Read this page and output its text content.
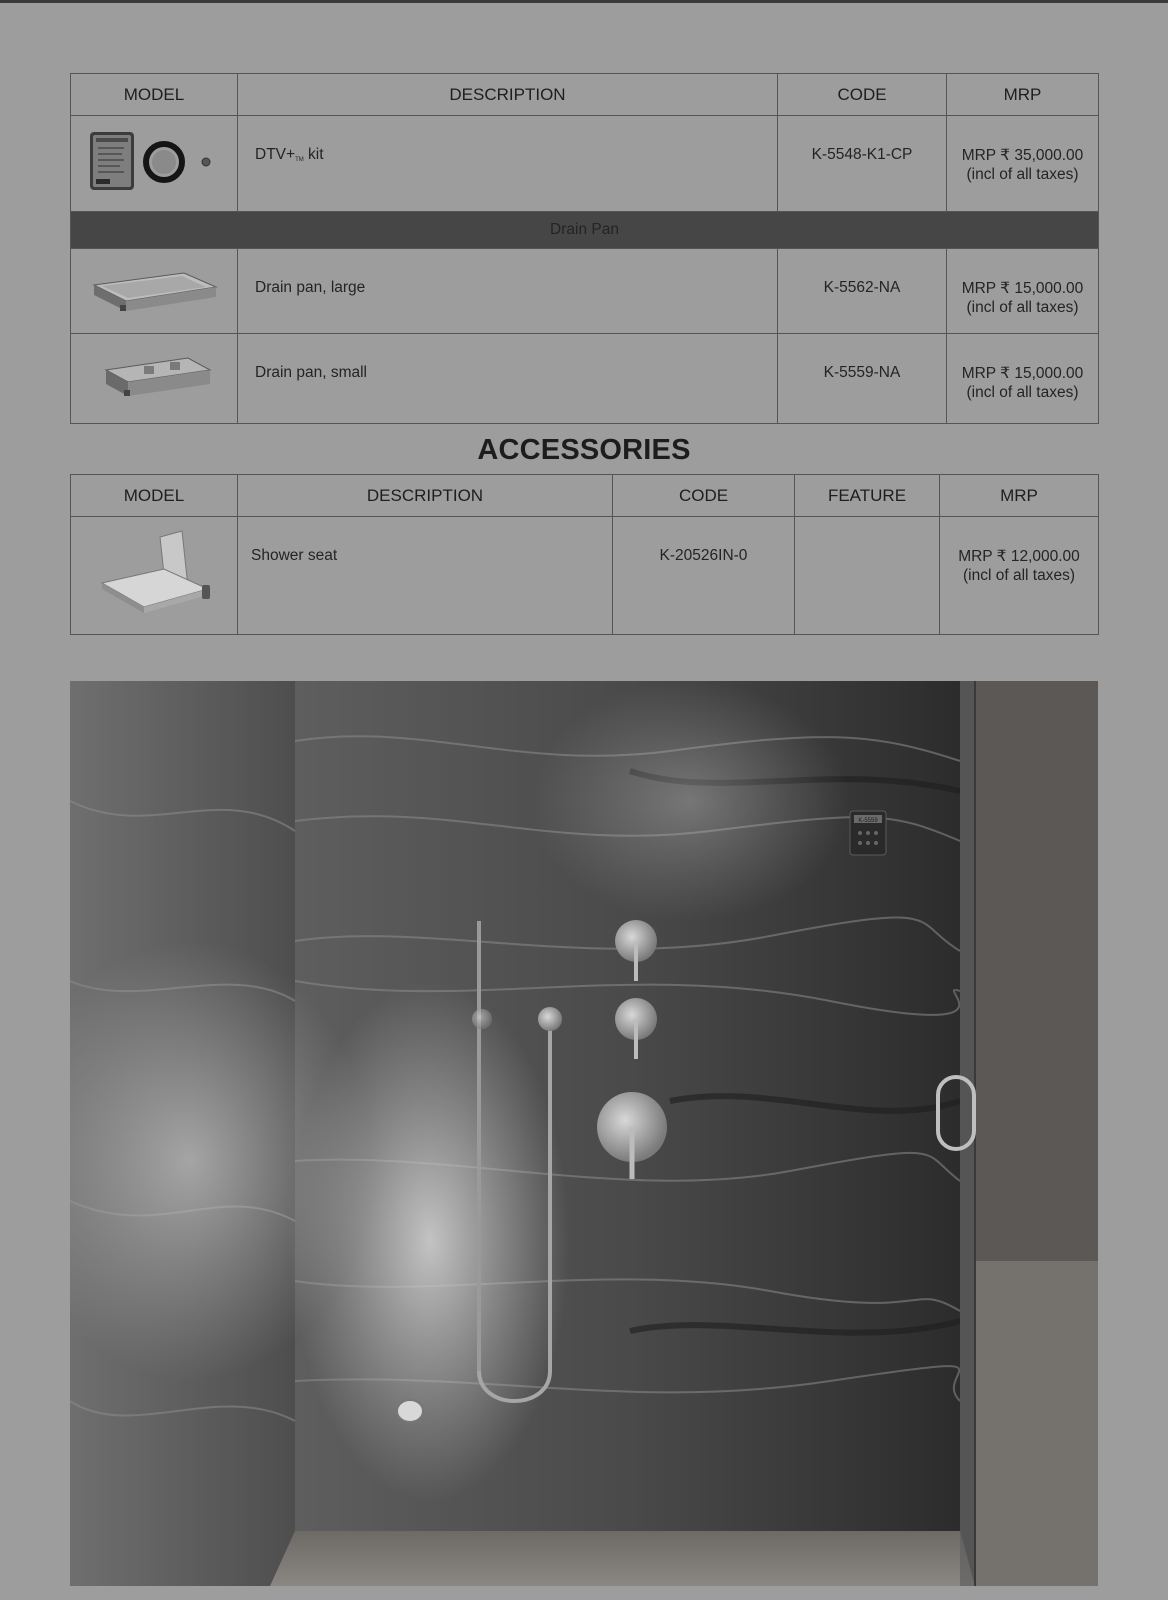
MODEL	DESCRIPTION	CODE	MRP
	$DTV+_{TM}$ kit	K-5548-K1-CP	MRP ₹ 35,000.00
(incl of all taxes)

Drain Pan			
	Drain pan, large	K-5562-NA	MRP ₹ 15,000.00
(incl of all taxes)

	Drain pan, small	K-5559-NA	MRP ₹ 15,000.00
(incl of all taxes)
ACCESSORIES
MODEL	DESCRIPTION	CODE	FEATURE	MRP
	Shower seat	K-20526IN-0		MRP ₹ 12,000.00
(incl of all taxes)
K-5559
